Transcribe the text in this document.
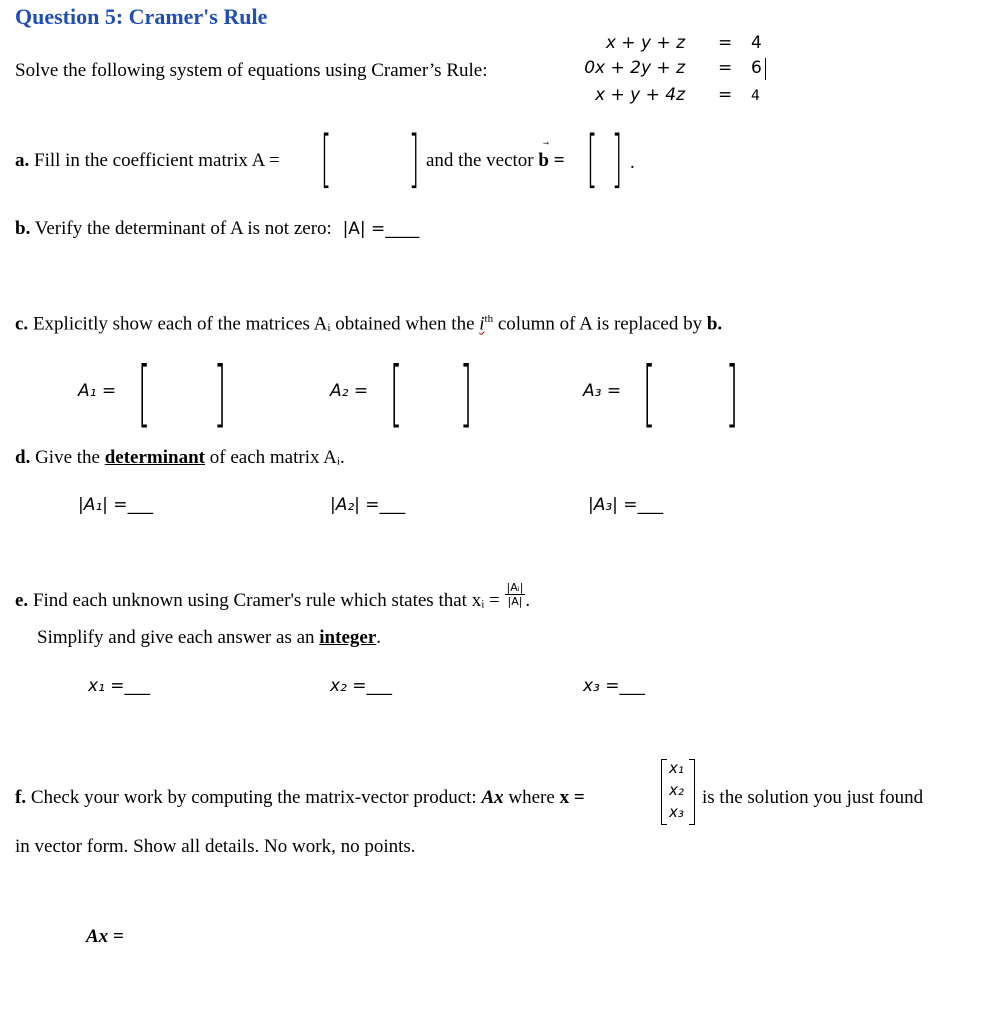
Question 5: Cramer's Rule
Solve the following system of equations using Cramer’s Rule:
x + y + z = 4
0x + 2y + z = 6
x + y + 4z = 4
a. Fill in the coefficient matrix A = [ ] and the vector b = [ ] .
b. Verify the determinant of A is not zero: |A| =____
c. Explicitly show each of the matrices Aᵢ obtained when the $i^{th}$ column of A is replaced by b.
A₁ = [ ]	A₂ = [ ]	A₃ = [ ]
d. Give the determinant of each matrix Aᵢ.
|A₁| =___	|A₂| =___	|A₃| =___
e. Find each unknown using Cramer's rule which states that xᵢ = $\frac{\text{|Aᵢ|}}{|A|}$ .
Simplify and give each answer as an integer.
x₁ =___	x₂ =___	x₃ =___
f. Check your work by computing the matrix-vector product: Ax where x =
x₁
x₂
x₃
is the solution you just found
in vector form. Show all details. No work, no points.
Ax =
